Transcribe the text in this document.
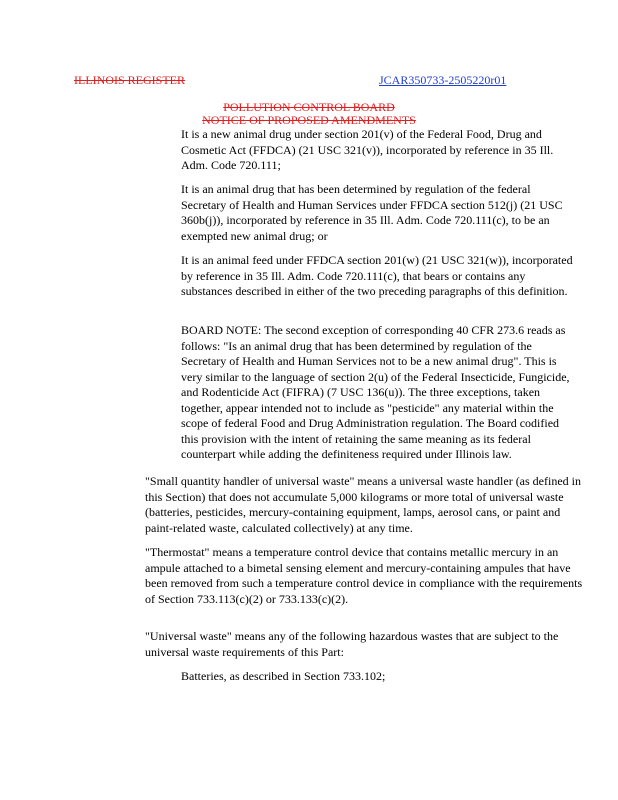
ILLINOIS REGISTER	JCAR350733-2505220r01
POLLUTION CONTROL BOARD
NOTICE OF PROPOSED AMENDMENTS

It is a new animal drug under section 201(v) of the Federal Food, Drug and Cosmetic Act (FFDCA) (21 USC 321(v)), incorporated by reference in 35 Ill. Adm. Code 720.111;

It is an animal drug that has been determined by regulation of the federal Secretary of Health and Human Services under FFDCA section 512(j) (21 USC 360b(j)), incorporated by reference in 35 Ill. Adm. Code 720.111(c), to be an exempted new animal drug; or

It is an animal feed under FFDCA section 201(w) (21 USC 321(w)), incorporated by reference in 35 Ill. Adm. Code 720.111(c), that bears or contains any substances described in either of the two preceding paragraphs of this definition.

BOARD NOTE: The second exception of corresponding 40 CFR 273.6 reads as follows: "Is an animal drug that has been determined by regulation of the Secretary of Health and Human Services not to be a new animal drug". This is very similar to the language of section 2(u) of the Federal Insecticide, Fungicide, and Rodenticide Act (FIFRA) (7 USC 136(u)). The three exceptions, taken together, appear intended not to include as "pesticide" any material within the scope of federal Food and Drug Administration regulation. The Board codified this provision with the intent of retaining the same meaning as its federal counterpart while adding the definiteness required under Illinois law.

"Small quantity handler of universal waste" means a universal waste handler (as defined in this Section) that does not accumulate 5,000 kilograms or more total of universal waste (batteries, pesticides, mercury-containing equipment, lamps, aerosol cans, or paint and paint-related waste, calculated collectively) at any time.

"Thermostat" means a temperature control device that contains metallic mercury in an ampule attached to a bimetal sensing element and mercury-containing ampules that have been removed from such a temperature control device in compliance with the requirements of Section 733.113(c)(2) or 733.133(c)(2).

"Universal waste" means any of the following hazardous wastes that are subject to the universal waste requirements of this Part:

Batteries, as described in Section 733.102;
